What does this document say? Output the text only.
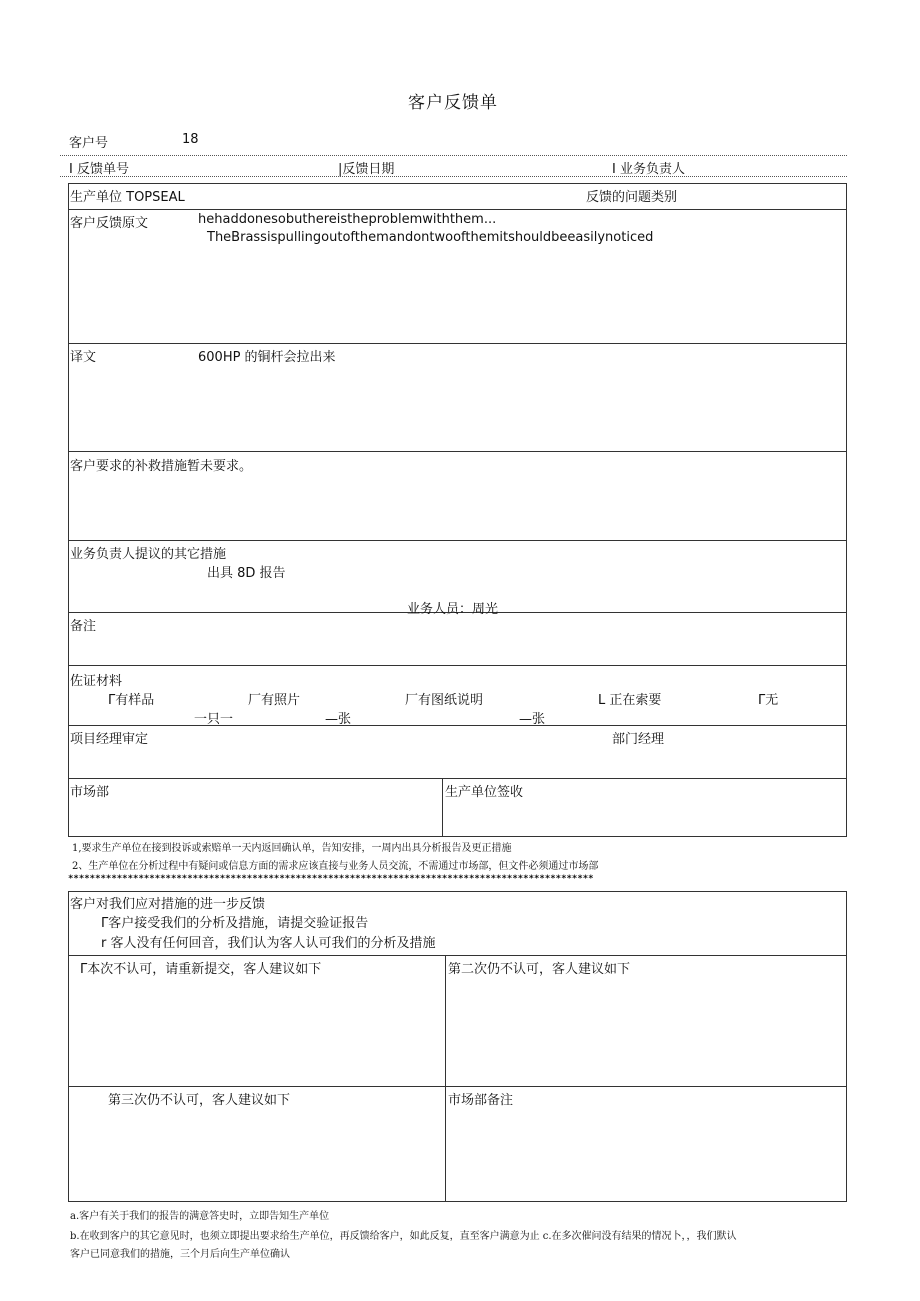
客户反馈单
客户号	18
I 反馈单号	|反馈日期	I 业务负责人
生产单位 TOPSEAL	反馈的问题类别
客户反馈原文	hehaddonesobuthereistheproblemwiththem...
TheBrassispullingoutofthemandontwoofthemitshouldbeeasilynoticed
译文	600HP 的铜杆会拉出来
客户要求的补救措施暂未要求。
业务负责人提议的其它措施
出具 8D 报告
业务人员：周光
备注
佐证材料
Γ有样品	厂有照片	厂有图纸说明	L 正在索要	Γ无
一只一	—张	—张
项目经理审定	部门经理
市场部	生产单位签收
1,要求生产单位在接到投诉或索赔单一天内返回确认单，告知安排，一周内出具分析报告及更正措施
2、生产单位在分析过程中有疑问或信息方面的需求应该直接与业务人员交流，不需通过市场部，但文件必须通过市场部
*************************************************************************************************
客户对我们应对措施的进一步反馈
Γ客户接受我们的分析及措施，请提交验证报告
r 客人没有任何回音，我们认为客人认可我们的分析及措施
Γ本次不认可，请重新提交，客人建议如下	第二次仍不认可，客人建议如下
第三次仍不认可，客人建议如下	市场部备注
a.客户有关于我们的报告的满意答史时，立即告知生产单位
b.在收到客户的其它意见时，也须立即提出要求给生产单位，再反馈给客户，如此反复，直至客户满意为止 c.在多次催问没有结果的情况卜，，我们默认
客户已同意我们的措施，三个月后向生产单位确认
